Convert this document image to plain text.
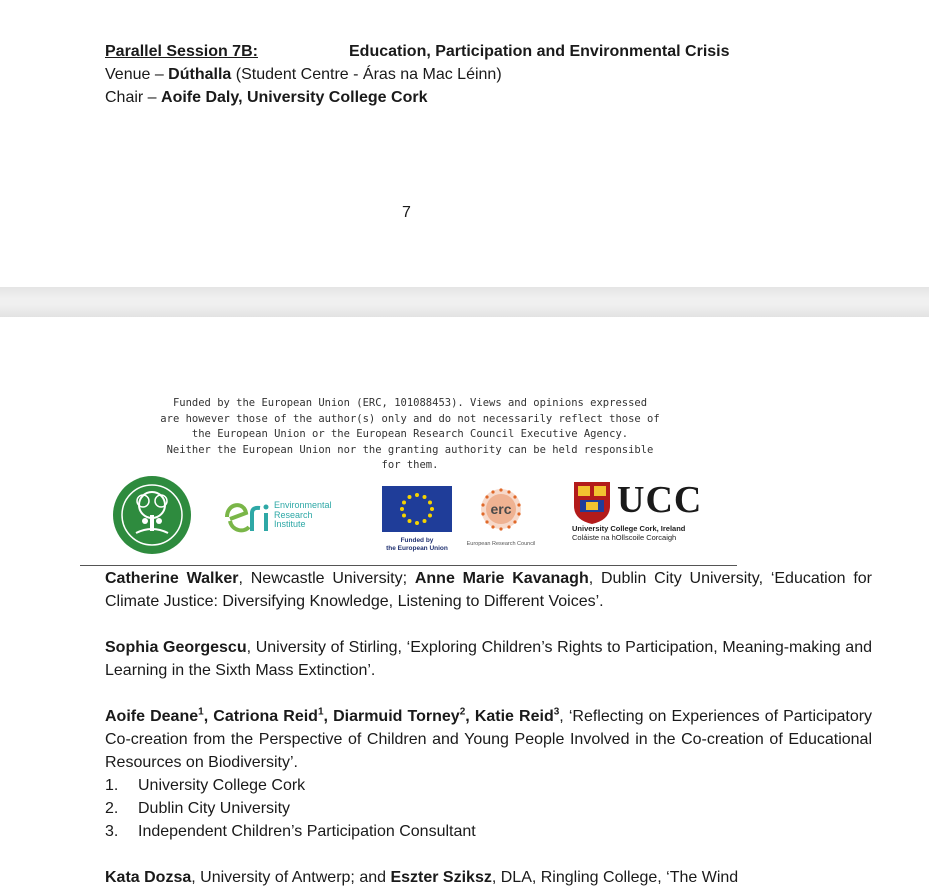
Parallel Session 7B:	Education, Participation and Environmental Crisis
Venue – Dúthalla (Student Centre - Áras na Mac Léinn)
Chair – Aoife Daly, University College Cork
7
Funded by the European Union (ERC, 101088453). Views and opinions expressed
are however those of the author(s) only and do not necessarily reflect those of
the European Union or the European Research Council Executive Agency.
Neither the European Union nor the granting authority can be held responsible
for them.
Environmental
Research
Institute
Funded by
the European Union
erc
European Research Council
UCC
University College Cork, Ireland
Coláiste na hOllscoile Corcaigh

Catherine Walker, Newcastle University; Anne Marie Kavanagh, Dublin City University, ‘Education for Climate Justice: Diversifying Knowledge, Listening to Different Voices’.

Sophia Georgescu, University of Stirling, ‘Exploring Children’s Rights to Participation, Meaning-making and Learning in the Sixth Mass Extinction’.

Aoife Deane$^1$, Catriona Reid$^1$, Diarmuid Torney$^2$, Katie Reid$^3$, ‘Reflecting on Experiences of Participatory Co-creation from the Perspective of Children and Young People Involved in the Co-creation of Educational Resources on Biodiversity’.

1. University College Cork
2. Dublin City University
3. Independent Children’s Participation Consultant

Kata Dozsa, University of Antwerp; and Eszter Sziksz, DLA, Ringling College, ‘The Wind
